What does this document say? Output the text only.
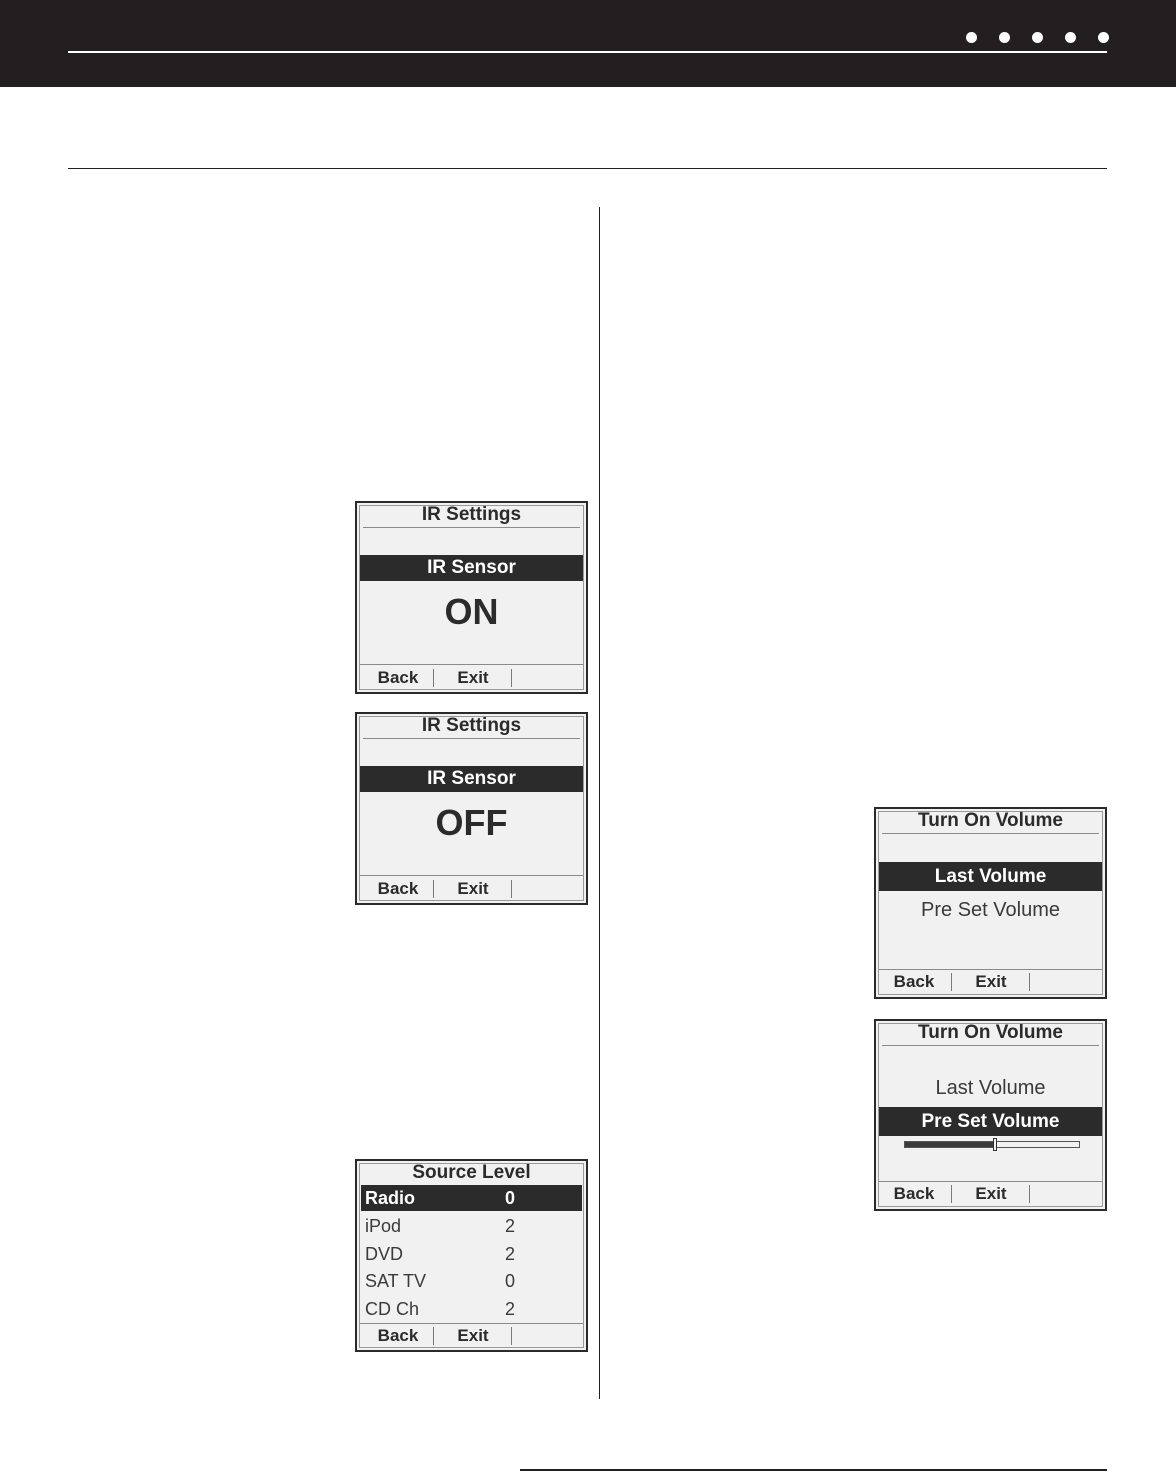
IR Settings
IR Sensor
ON
Back	Exit
IR Settings
IR Sensor
OFF
Back	Exit
Source Level
Radio	0
iPod	2
DVD	2
SAT TV	0
CD Ch	2
Back	Exit
Turn On Volume
Last Volume
Pre Set Volume
Back	Exit
Turn On Volume
Last Volume
Pre Set Volume
Back	Exit
